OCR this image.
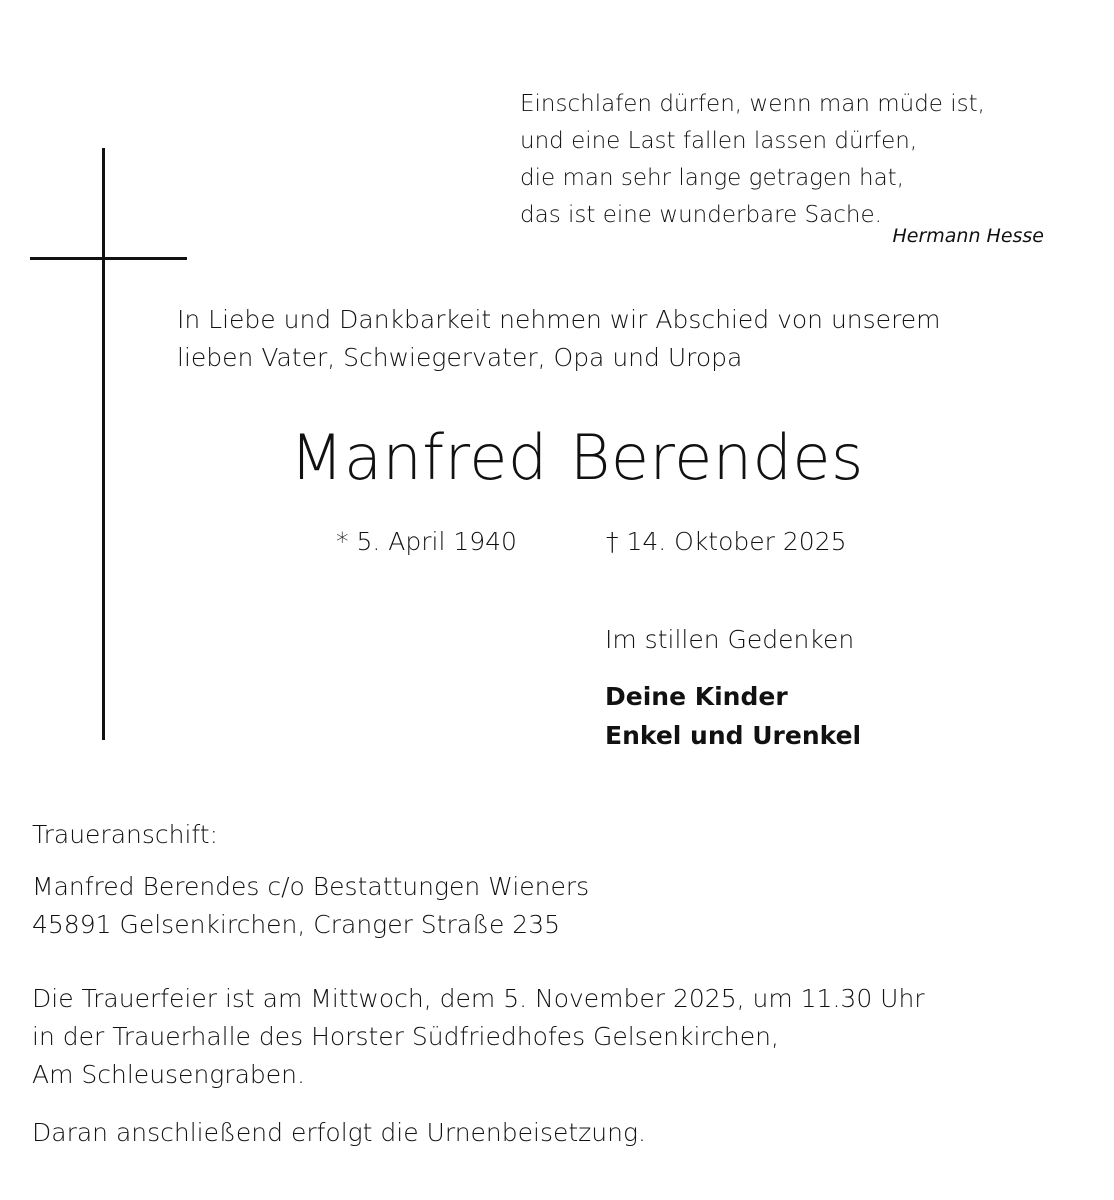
Einschlafen dürfen, wenn man müde ist,
und eine Last fallen lassen dürfen,
die man sehr lange getragen hat,
das ist eine wunderbare Sache.
Hermann Hesse
In Liebe und Dankbarkeit nehmen wir Abschied von unserem
lieben Vater, Schwiegervater, Opa und Uropa
Manfred Berendes
* 5. April 1940	† 14. Oktober 2025
Im stillen Gedenken
Deine Kinder
Enkel und Urenkel
Traueranschift:
Manfred Berendes c/o Bestattungen Wieners
45891 Gelsenkirchen, Cranger Straße 235
Die Trauerfeier ist am Mittwoch, dem 5. November 2025, um 11.30 Uhr
in der Trauerhalle des Horster Südfriedhofes Gelsenkirchen,
Am Schleusengraben.
Daran anschließend erfolgt die Urnenbeisetzung.
